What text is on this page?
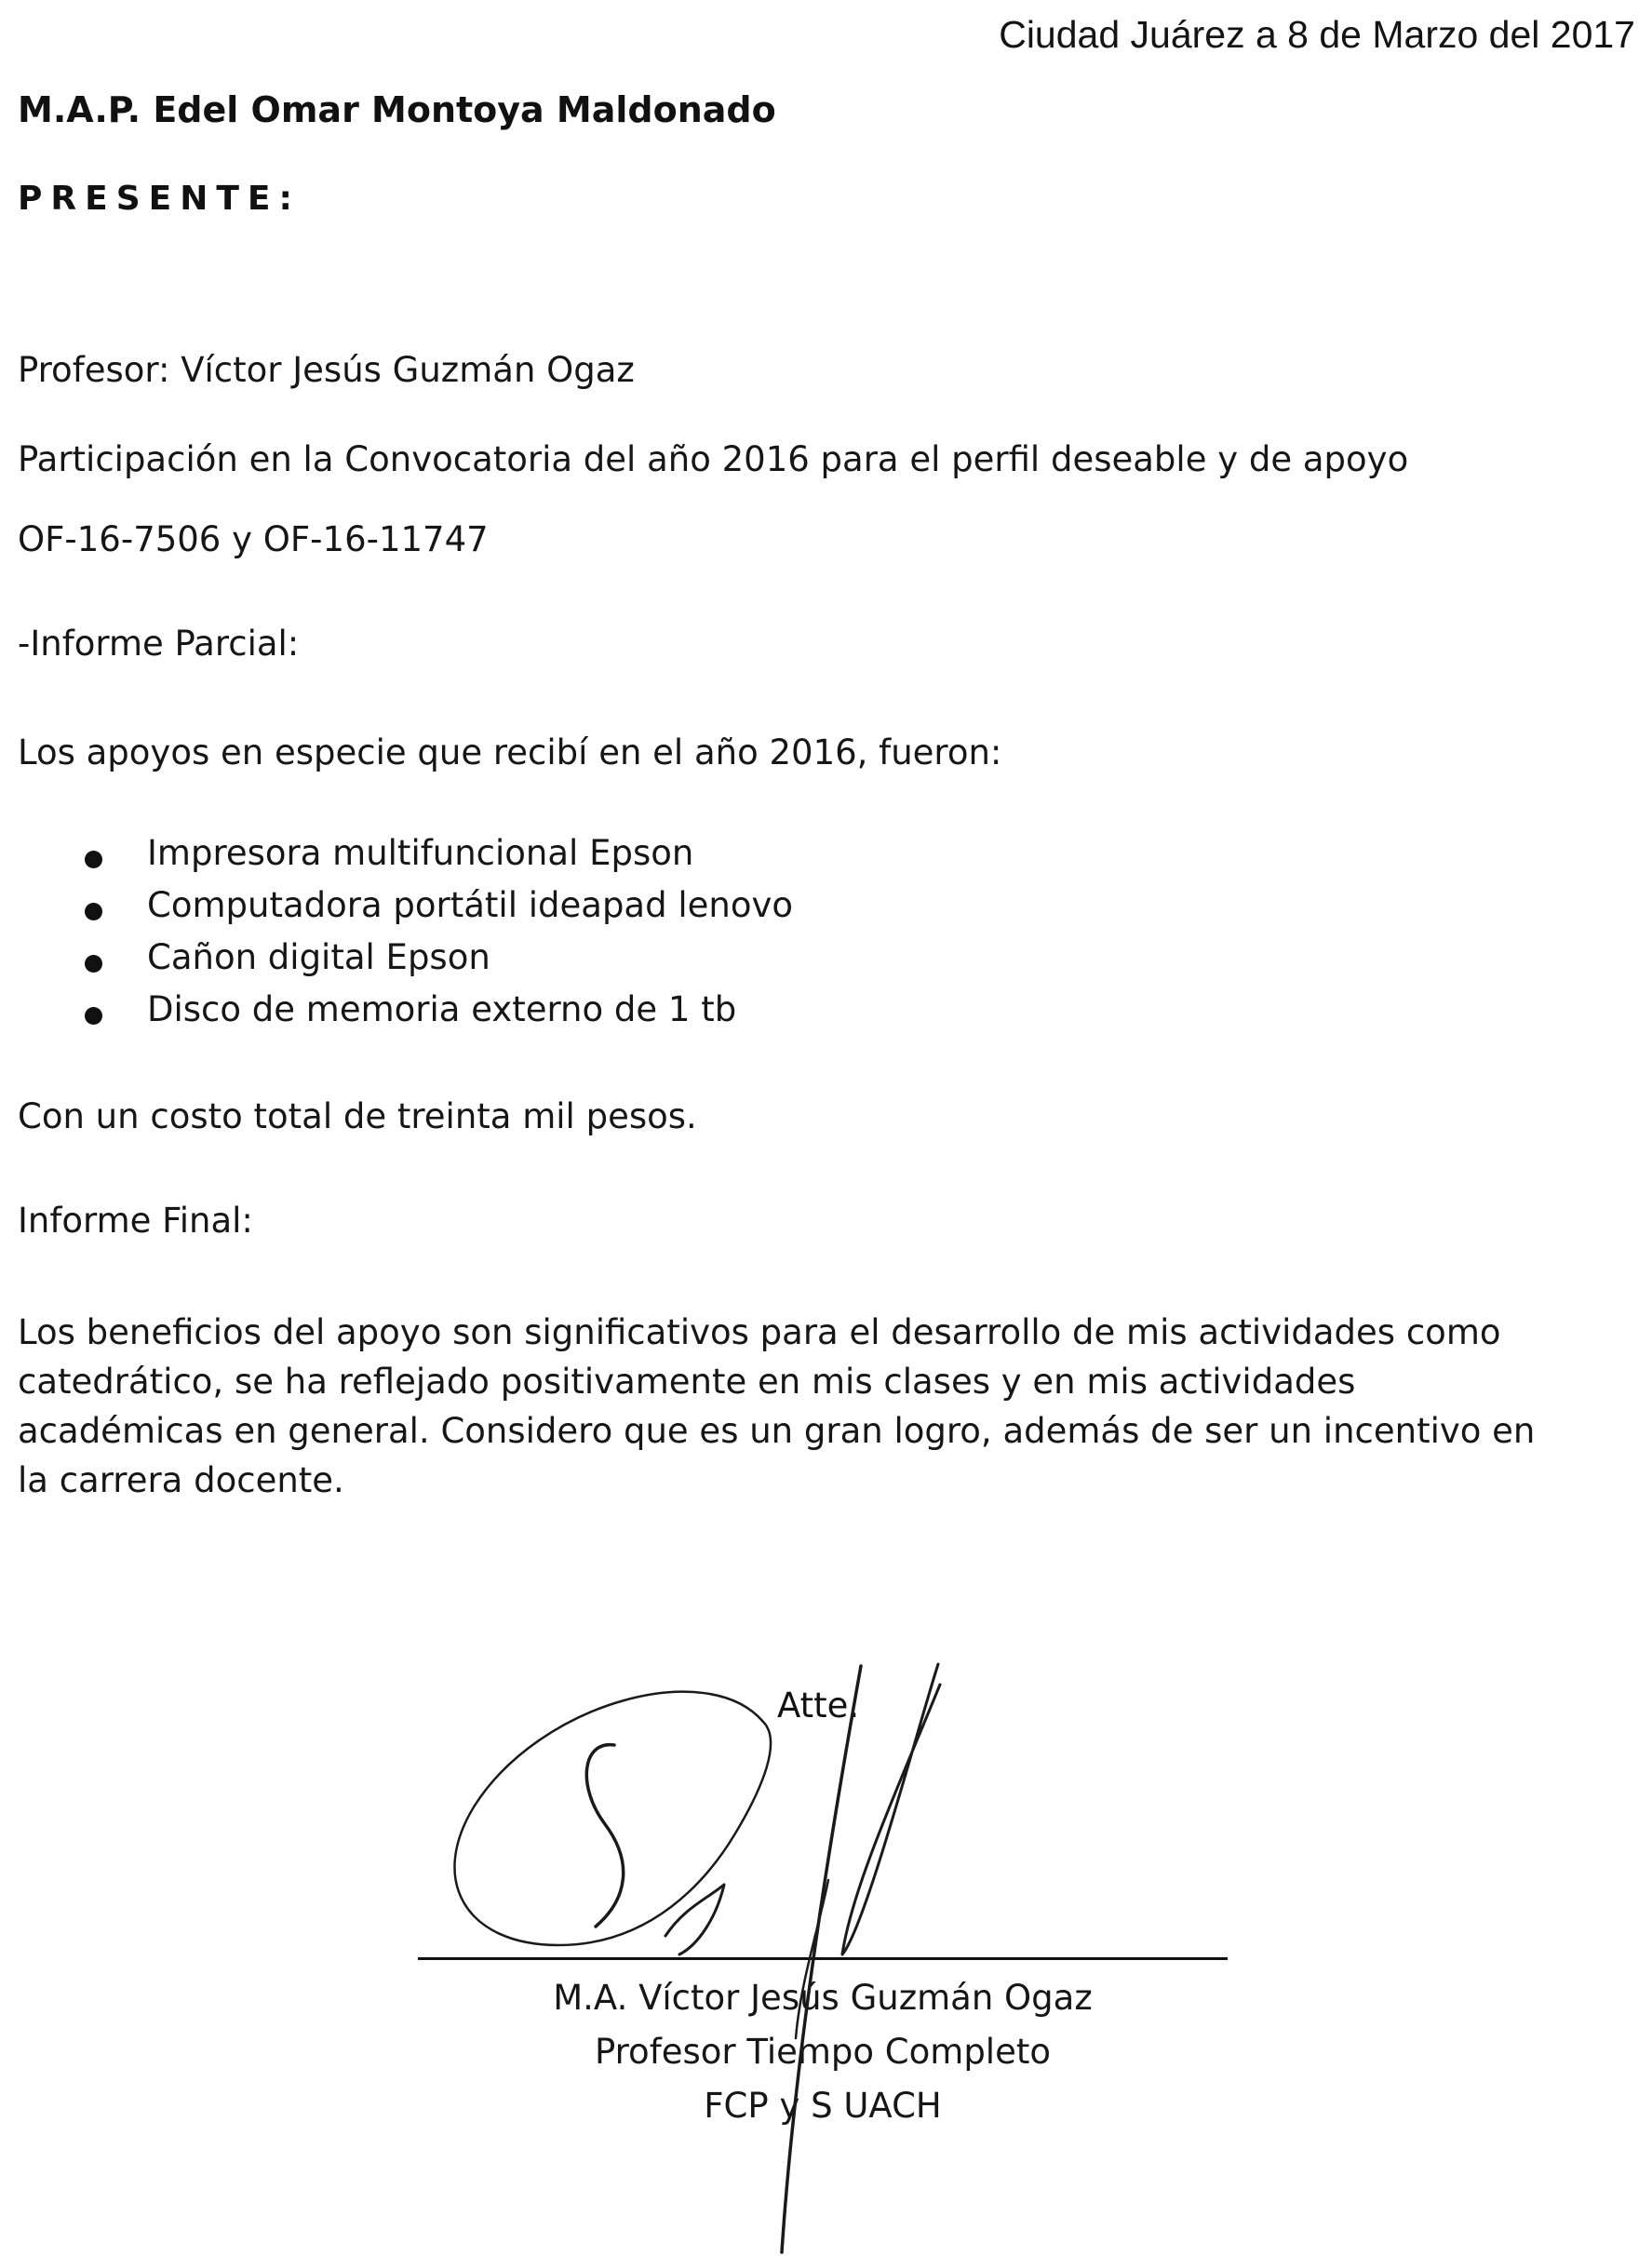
Ciudad Juárez a 8 de Marzo del 2017
M.A.P. Edel Omar Montoya Maldonado
PRESENTE:
Profesor: Víctor Jesús Guzmán Ogaz
Participación en la Convocatoria del año 2016 para el perfil deseable y de apoyo
OF-16-7506 y OF-16-11747
-Informe Parcial:
Los apoyos en especie que recibí en el año 2016, fueron:
Impresora multifuncional Epson
Computadora portátil ideapad lenovo
Cañon digital Epson
Disco de memoria externo de 1 tb
Con un costo total de treinta mil pesos.
Informe Final:
Los beneficios del apoyo son significativos para el desarrollo de mis actividades como catedrático, se ha reflejado positivamente en mis clases y en mis actividades académicas en general. Considero que es un gran logro, además de ser un incentivo en la carrera docente.
Atte.
M.A. Víctor Jesús Guzmán Ogaz
Profesor Tiempo Completo
FCP y S UACH
